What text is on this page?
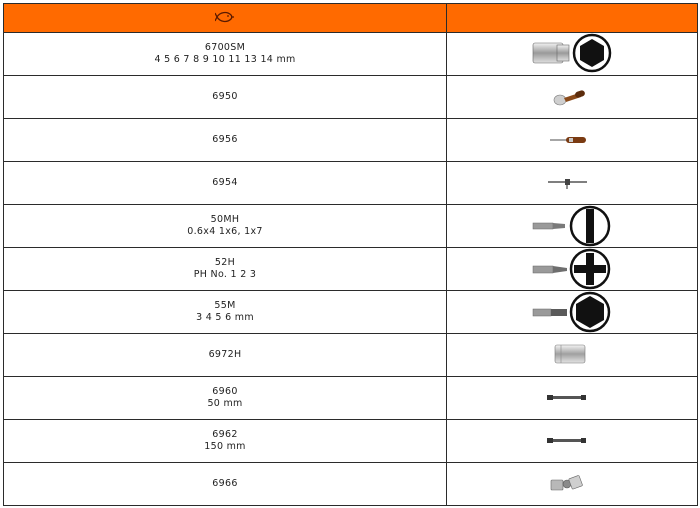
6700SM
4 5 6 7 8 9 10 11 13 14 mm

6950

6956

6954

50MH
0.6x4 1x6, 1x7

52H
PH No. 1 2 3

55M
3 4 5 6 mm

6972H

6960
50 mm

6962
150 mm

6966
